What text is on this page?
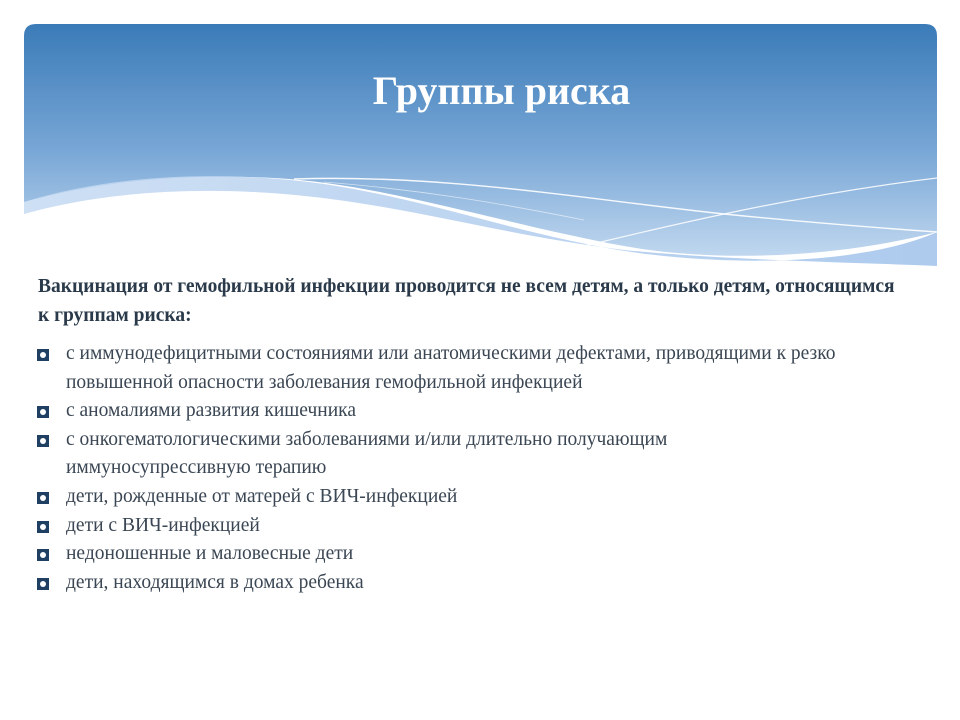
Группы риска

Вакцинация от гемофильной инфекции проводится не всем детям, а только детям, относящимся к группам риска:

с иммунодефицитными состояниями или анатомическими дефектами, приводящими к резко повышенной опасности заболевания гемофильной инфекцией
с аномалиями развития кишечника
с онкогематологическими заболеваниями и/или длительно получающим иммуносупрессивную терапию
дети, рожденные от матерей с ВИЧ-инфекцией
дети с ВИЧ-инфекцией
недоношенные и маловесные дети
дети, находящимся в домах ребенка
